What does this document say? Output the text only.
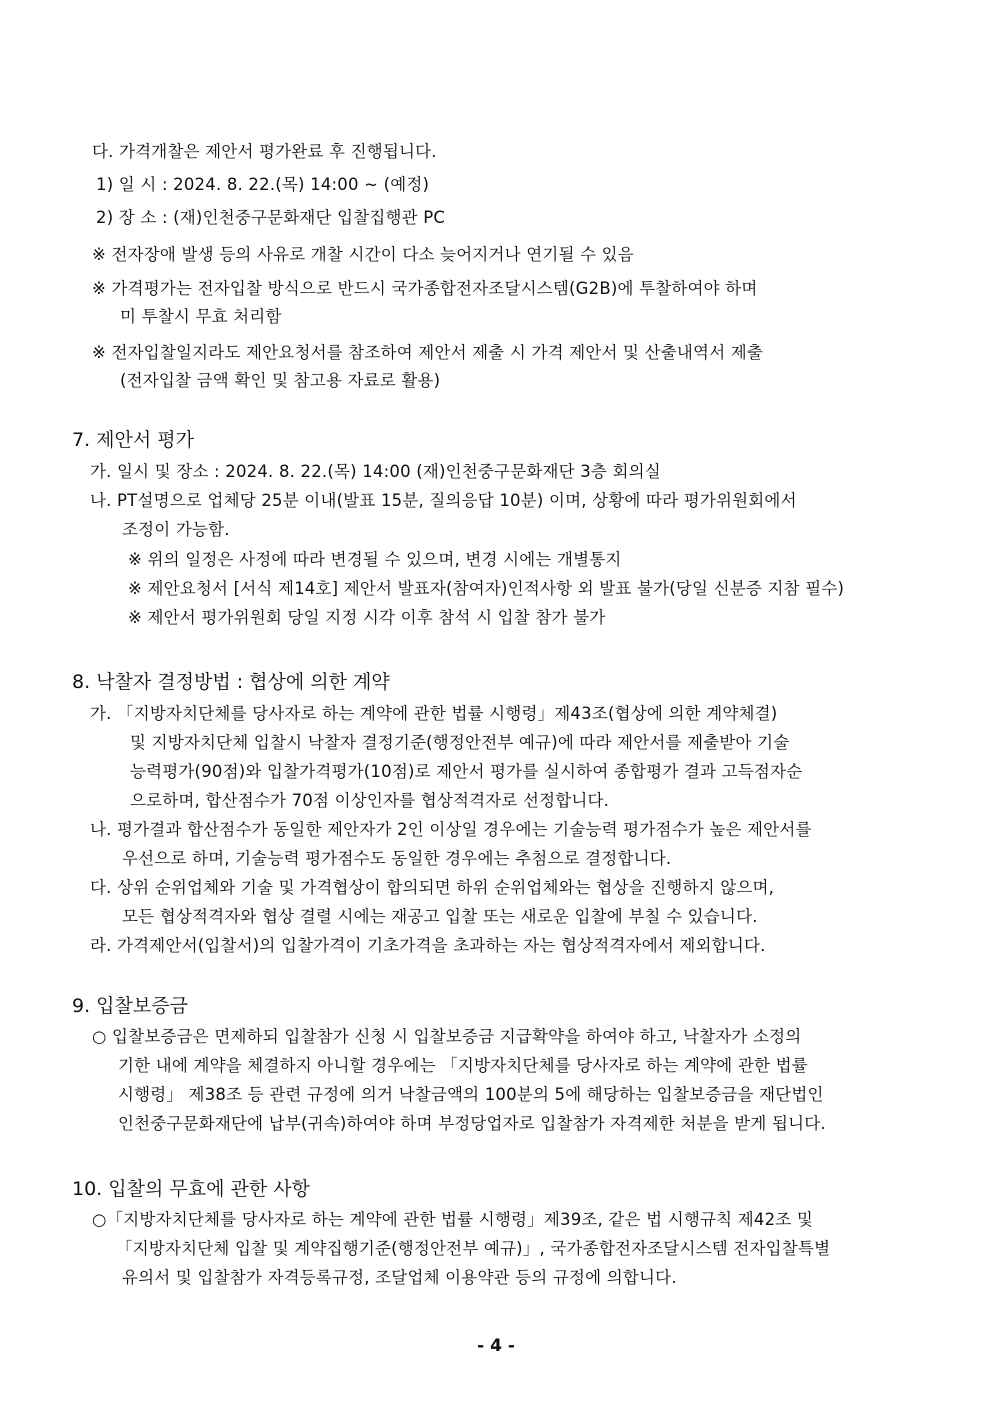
다. 가격개찰은 제안서 평가완료 후 진행됩니다.
1) 일 시 : 2024. 8. 22.(목) 14:00 ~ (예정)
2) 장 소 : (재)인천중구문화재단 입찰집행관 PC
※ 전자장애 발생 등의 사유로 개찰 시간이 다소 늦어지거나 연기될 수 있음
※ 가격평가는 전자입찰 방식으로 반드시 국가종합전자조달시스템(G2B)에 투찰하여야 하며
미 투찰시 무효 처리함
※ 전자입찰일지라도 제안요청서를 참조하여 제안서 제출 시 가격 제안서 및 산출내역서 제출
(전자입찰 금액 확인 및 참고용 자료로 활용)
7. 제안서 평가
가. 일시 및 장소 : 2024. 8. 22.(목) 14:00 (재)인천중구문화재단 3층 회의실
나. PT설명으로 업체당 25분 이내(발표 15분, 질의응답 10분) 이며, 상황에 따라 평가위원회에서
조정이 가능함.
※ 위의 일정은 사정에 따라 변경될 수 있으며, 변경 시에는 개별통지
※ 제안요청서 [서식 제14호] 제안서 발표자(참여자)인적사항 외 발표 불가(당일 신분증 지참 필수)
※ 제안서 평가위원회 당일 지정 시각 이후 참석 시 입찰 참가 불가
8. 낙찰자 결정방법 : 협상에 의한 계약
가. 「지방자치단체를 당사자로 하는 계약에 관한 법률 시행령」제43조(협상에 의한 계약체결)
및 지방자치단체 입찰시 낙찰자 결정기준(행정안전부 예규)에 따라 제안서를 제출받아 기술
능력평가(90점)와 입찰가격평가(10점)로 제안서 평가를 실시하여 종합평가 결과 고득점자순
으로하며, 합산점수가 70점 이상인자를 협상적격자로 선정합니다.
나. 평가결과 합산점수가 동일한 제안자가 2인 이상일 경우에는 기술능력 평가점수가 높은 제안서를
우선으로 하며, 기술능력 평가점수도 동일한 경우에는 추첨으로 결정합니다.
다. 상위 순위업체와 기술 및 가격협상이 합의되면 하위 순위업체와는 협상을 진행하지 않으며,
모든 협상적격자와 협상 결렬 시에는 재공고 입찰 또는 새로운 입찰에 부칠 수 있습니다.
라. 가격제안서(입찰서)의 입찰가격이 기초가격을 초과하는 자는 협상적격자에서 제외합니다.
9. 입찰보증금
○ 입찰보증금은 면제하되 입찰참가 신청 시 입찰보증금 지급확약을 하여야 하고, 낙찰자가 소정의
기한 내에 계약을 체결하지 아니할 경우에는 「지방자치단체를 당사자로 하는 계약에 관한 법률
시행령」 제38조 등 관련 규정에 의거 낙찰금액의 100분의 5에 해당하는 입찰보증금을 재단법인
인천중구문화재단에 납부(귀속)하여야 하며 부정당업자로 입찰참가 자격제한 처분을 받게 됩니다.
10. 입찰의 무효에 관한 사항
○「지방자치단체를 당사자로 하는 계약에 관한 법률 시행령」제39조, 같은 법 시행규칙 제42조 및
「지방자치단체 입찰 및 계약집행기준(행정안전부 예규)」, 국가종합전자조달시스템 전자입찰특별
유의서 및 입찰참가 자격등록규정, 조달업체 이용약관 등의 규정에 의합니다.
- 4 -
